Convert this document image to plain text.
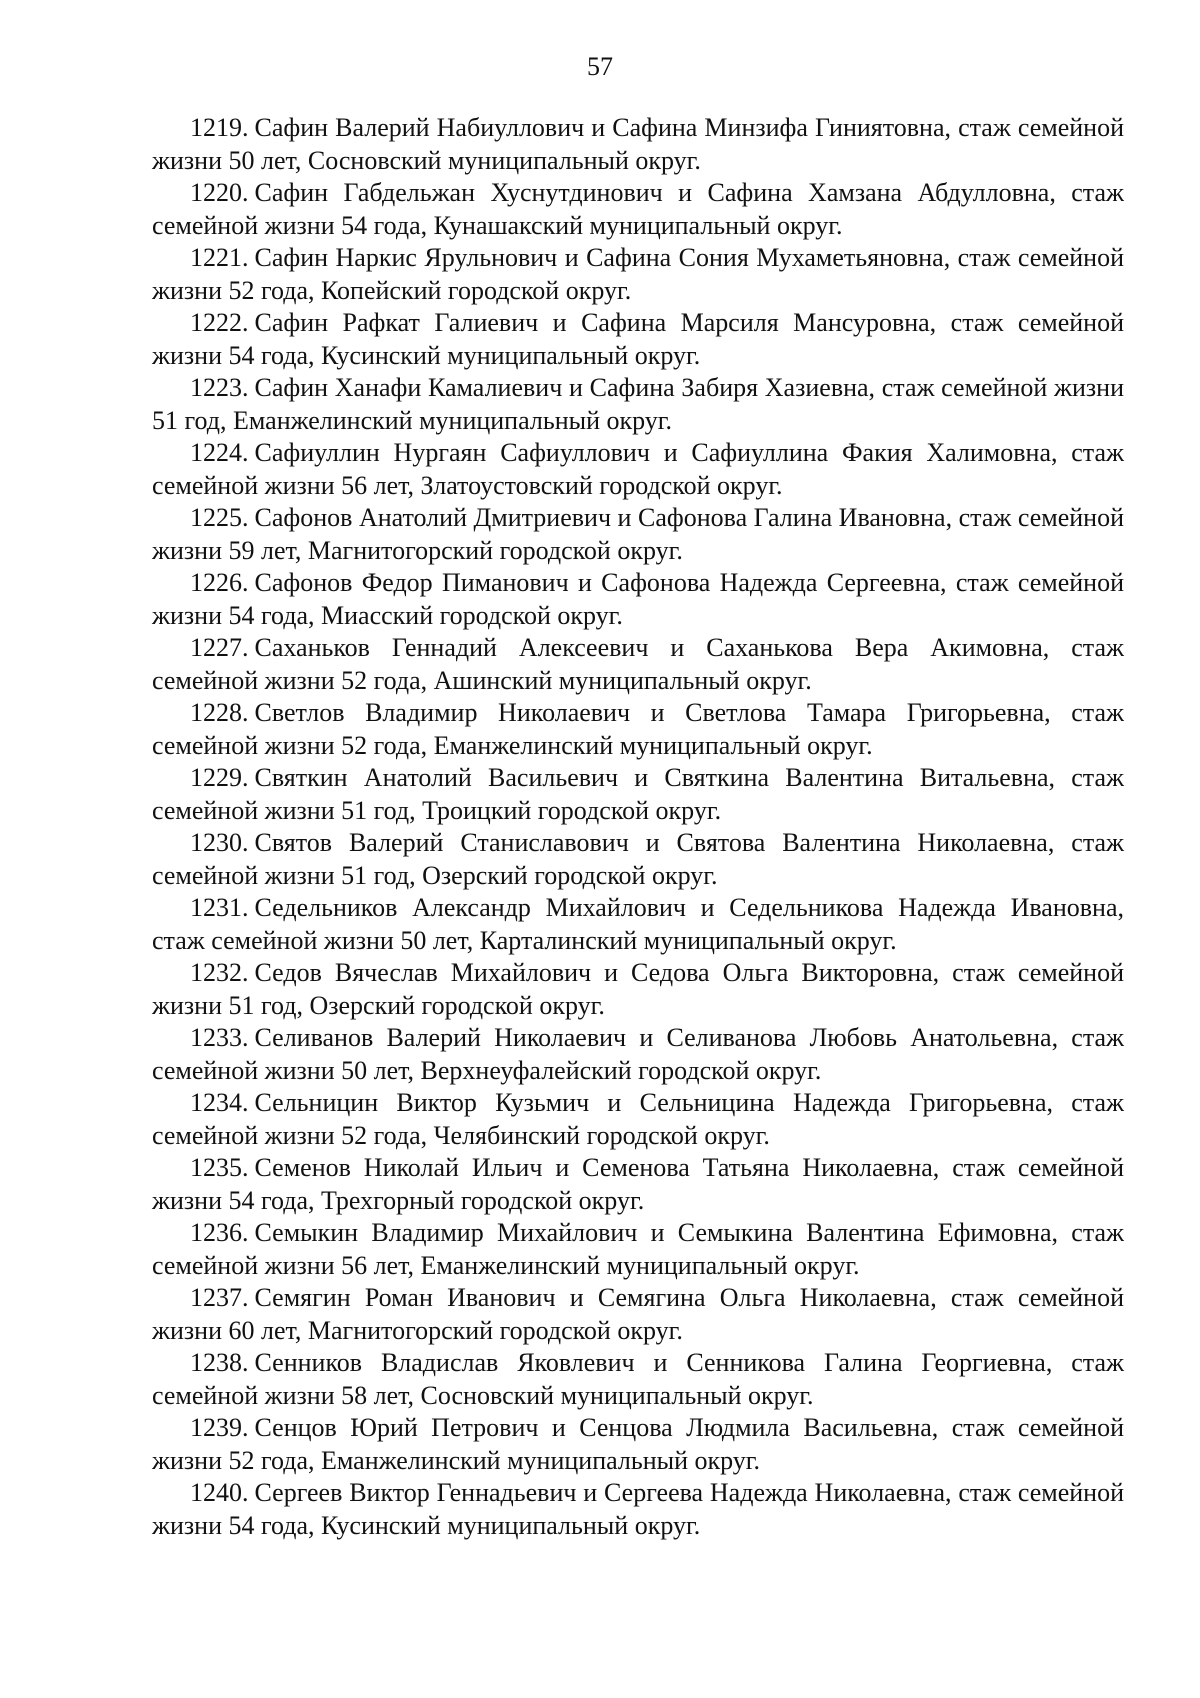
57
1219. Сафин Валерий Набиуллович и Сафина Минзифа Гиниятовна, стаж семейной жизни 50 лет, Сосновский муниципальный округ.
1220. Сафин Габдельжан Хуснутдинович и Сафина Хамзана Абдулловна, стаж семейной жизни 54 года, Кунашакский муниципальный округ.
1221. Сафин Наркис Ярульнович и Сафина Сония Мухаметьяновна, стаж семейной жизни 52 года, Копейский городской округ.
1222. Сафин Рафкат Галиевич и Сафина Марсиля Мансуровна, стаж семейной жизни 54 года, Кусинский муниципальный округ.
1223. Сафин Ханафи Камалиевич и Сафина Забиря Хазиевна, стаж семейной жизни 51 год, Еманжелинский муниципальный округ.
1224. Сафиуллин Нургаян Сафиуллович и Сафиуллина Факия Халимовна, стаж семейной жизни 56 лет, Златоустовский городской округ.
1225. Сафонов Анатолий Дмитриевич и Сафонова Галина Ивановна, стаж семейной жизни 59 лет, Магнитогорский городской округ.
1226. Сафонов Федор Пиманович и Сафонова Надежда Сергеевна, стаж семейной жизни 54 года, Миасский городской округ.
1227. Саханьков Геннадий Алексеевич и Саханькова Вера Акимовна, стаж семейной жизни 52 года, Ашинский муниципальный округ.
1228. Светлов Владимир Николаевич и Светлова Тамара Григорьевна, стаж семейной жизни 52 года, Еманжелинский муниципальный округ.
1229. Святкин Анатолий Васильевич и Святкина Валентина Витальевна, стаж семейной жизни 51 год, Троицкий городской округ.
1230. Святов Валерий Станиславович и Святова Валентина Николаевна, стаж семейной жизни 51 год, Озерский городской округ.
1231. Седельников Александр Михайлович и Седельникова Надежда Ивановна, стаж семейной жизни 50 лет, Карталинский муниципальный округ.
1232. Седов Вячеслав Михайлович и Седова Ольга Викторовна, стаж семейной жизни 51 год, Озерский городской округ.
1233. Селиванов Валерий Николаевич и Селиванова Любовь Анатольевна, стаж семейной жизни 50 лет, Верхнеуфалейский городской округ.
1234. Сельницин Виктор Кузьмич и Сельницина Надежда Григорьевна, стаж семейной жизни 52 года, Челябинский городской округ.
1235. Семенов Николай Ильич и Семенова Татьяна Николаевна, стаж семейной жизни 54 года, Трехгорный городской округ.
1236. Семыкин Владимир Михайлович и Семыкина Валентина Ефимовна, стаж семейной жизни 56 лет, Еманжелинский муниципальный округ.
1237. Семягин Роман Иванович и Семягина Ольга Николаевна, стаж семейной жизни 60 лет, Магнитогорский городской округ.
1238. Сенников Владислав Яковлевич и Сенникова Галина Георгиевна, стаж семейной жизни 58 лет, Сосновский муниципальный округ.
1239. Сенцов Юрий Петрович и Сенцова Людмила Васильевна, стаж семейной жизни 52 года, Еманжелинский муниципальный округ.
1240. Сергеев Виктор Геннадьевич и Сергеева Надежда Николаевна, стаж семейной жизни 54 года, Кусинский муниципальный округ.
